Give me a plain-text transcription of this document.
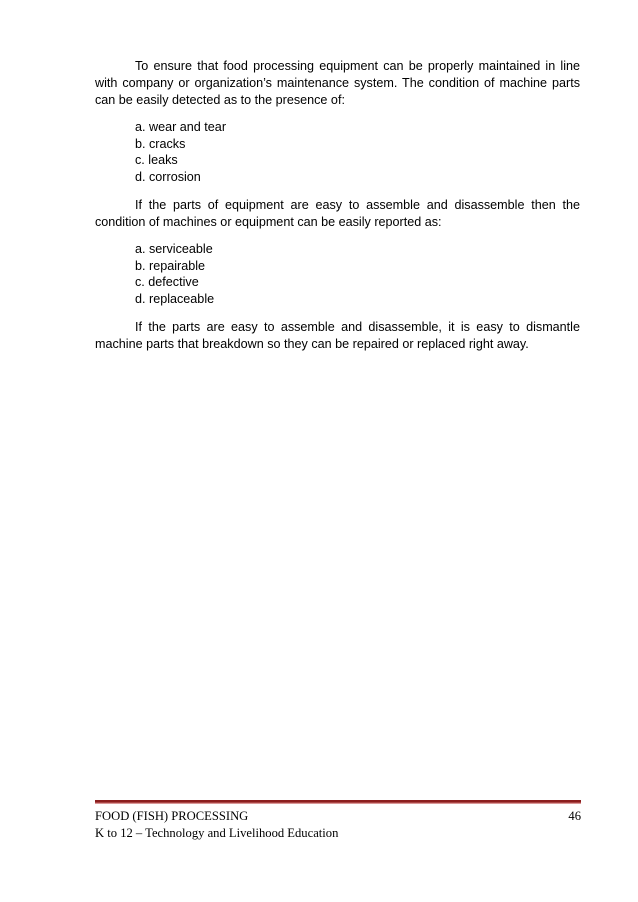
To ensure that food processing equipment can be properly maintained in line with company or organization’s maintenance system. The condition of machine parts can be easily detected as to the presence of:

a. wear and tear
b. cracks
c. leaks
d. corrosion

If the parts of equipment are easy to assemble and disassemble then the condition of machines or equipment can be easily reported as:

a. serviceable
b. repairable
c. defective
d. replaceable

If the parts are easy to assemble and disassemble, it is easy to dismantle machine parts that breakdown so they can be repaired or replaced right away.

FOOD (FISH) PROCESSING	46
K to 12 – Technology and Livelihood Education
